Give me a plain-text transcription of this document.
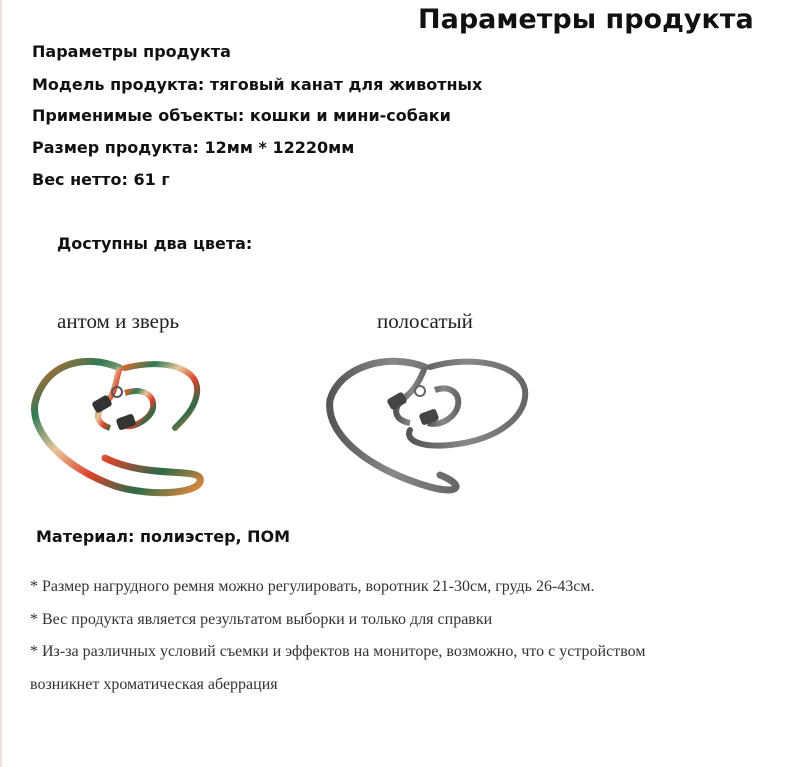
Параметры продукта
Параметры продукта
Модель продукта: тяговый канат для животных
Применимые объекты: кошки и мини-собаки
Размер продукта: 12мм * 12220мм
Вес нетто: 61 г
Доступны два цвета:
антом и зверь	полосатый
Материал: полиэстер, ПОМ
* Размер нагрудного ремня можно регулировать, воротник 21-30см, грудь 26-43см.
* Вес продукта является результатом выборки и только для справки
* Из-за различных условий съемки и эффектов на мониторе, возможно, что с устройством
возникнет хроматическая аберрация
